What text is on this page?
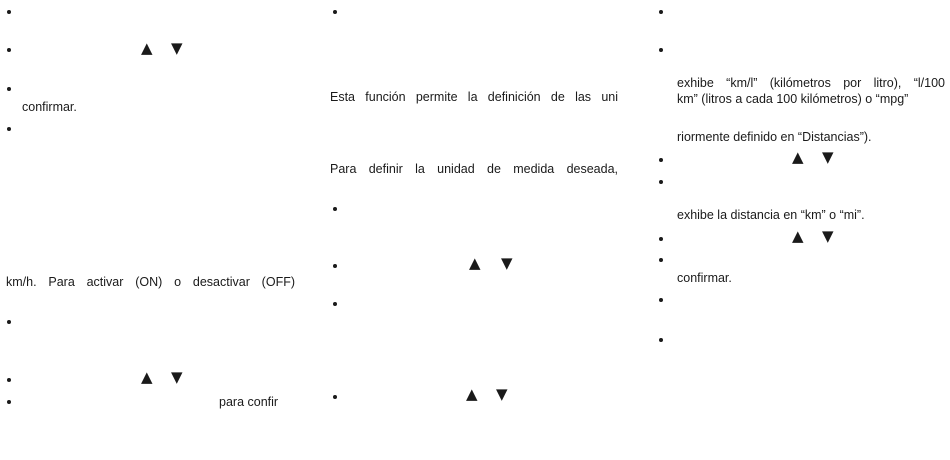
▲ ▼
confirmar.
km/h. Para activar (ON) o desactivar (OFF)
▲ ▼
para confir
Esta función permite la definición de las uni
Para definir la unidad de medida deseada,
▲ ▼
▲ ▼
exhibe “km/l” (kilómetros por litro), “l/100
km” (litros a cada 100 kilómetros) o “mpg”
riormente definido en “Distancias”).
▲ ▼
exhibe la distancia en “km” o “mi”.
▲ ▼
confirmar.
